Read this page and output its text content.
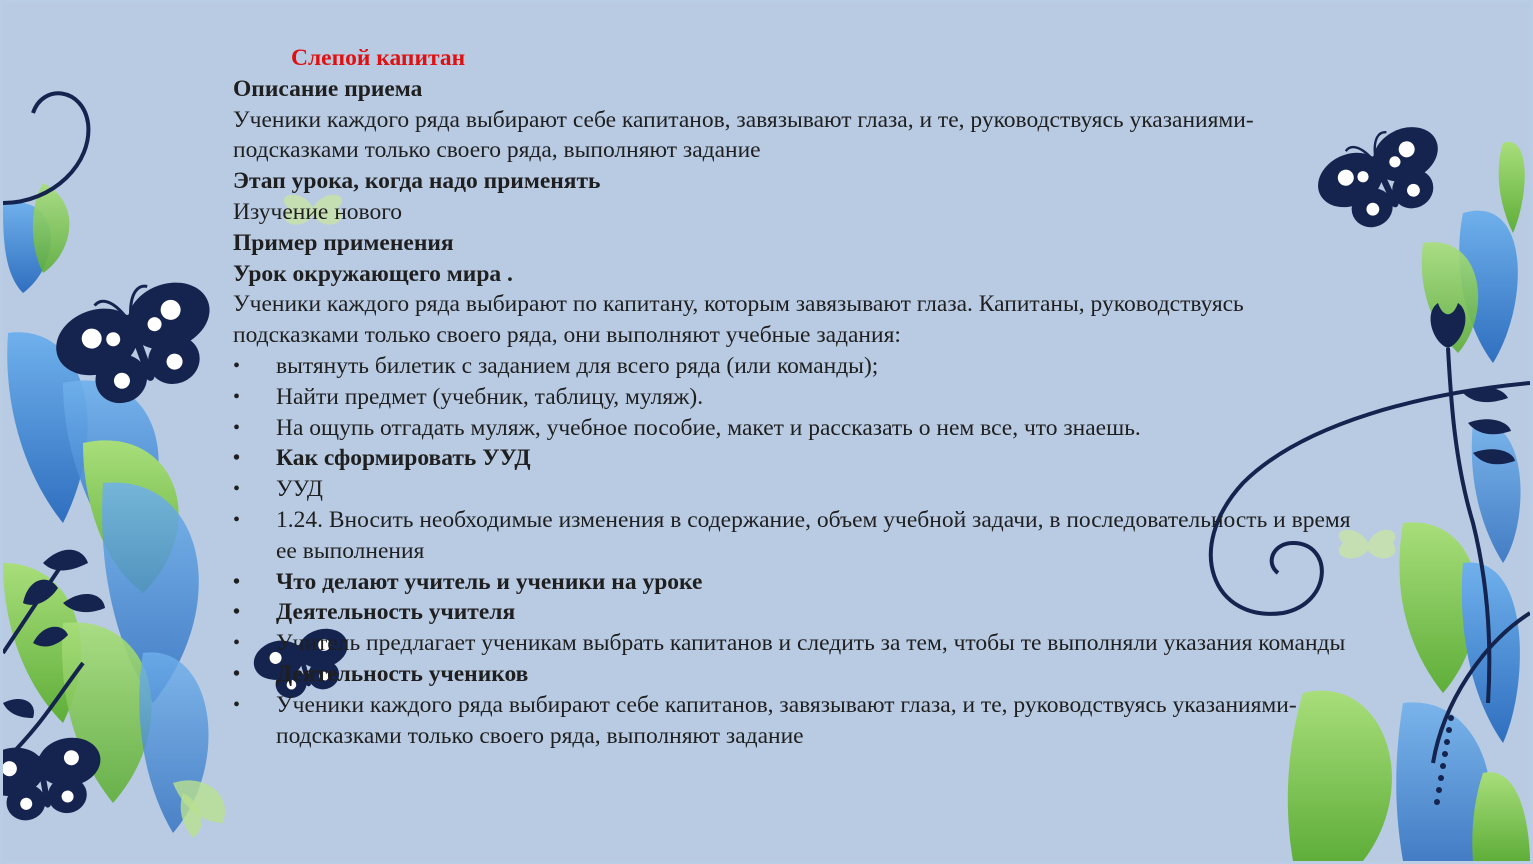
Слепой капитан

Описание приема

Ученики каждого ряда выбирают себе капитанов, завязывают глаза, и те, руководствуясь указаниями-подсказками только своего ряда, выполняют задание

Этап урока, когда надо применять

Изучение нового

Пример применения

Урок окружающего мира .

Ученики каждого ряда выбирают по капитану, которым завязывают глаза. Капитаны, руководствуясь подсказками только своего ряда, они выполняют учебные задания:

• вытянуть билетик с заданием для всего ряда (или команды);
• Найти предмет (учебник, таблицу, муляж).
• На ощупь отгадать муляж, учебное пособие, макет и рассказать о нем все, что знаешь.
• Как сформировать УУД
• УУД
• 1.24. Вносить необходимые изменения в содержание, объем учебной задачи, в последовательность и время ее выполнения
• Что делают учитель и ученики на уроке
• Деятельность учителя
• Учитель предлагает ученикам выбрать капитанов и следить за тем, чтобы те выполняли указания команды
• Деятельность учеников
• Ученики каждого ряда выбирают себе капитанов, завязывают глаза, и те, руководствуясь указаниями-подсказками только своего ряда, выполняют задание
